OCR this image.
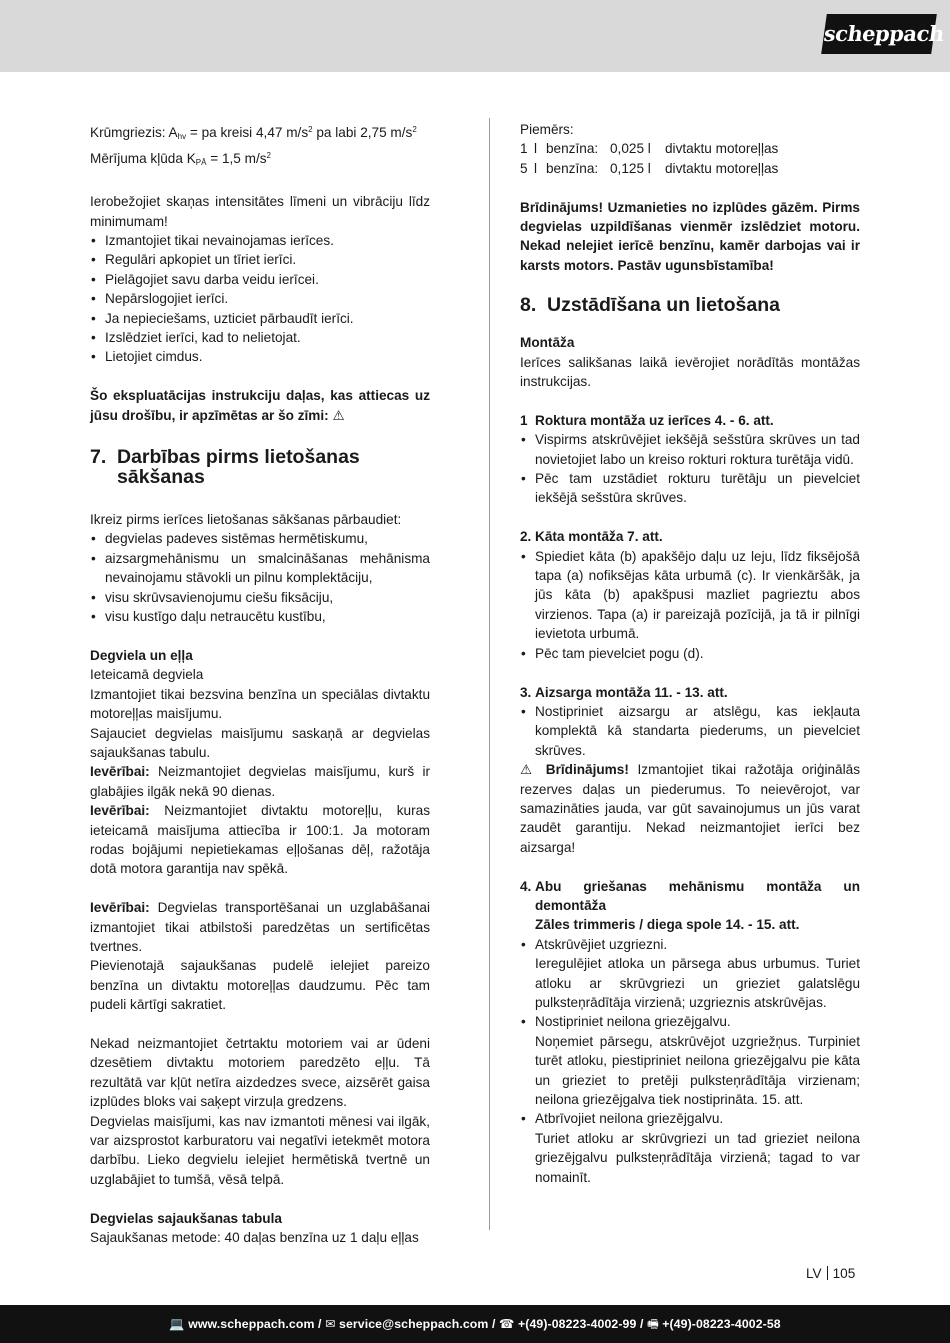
scheppach

Krūmgriezis: $A_{hv}$ = pa kreisi 4,47 $m/s^2$ pa labi 2,75 $m/s^2$

Mērījuma kļūda $K_{PĀ} = 1,5$ $m/s^2$

Ierobežojiet skaņas intensitātes līmeni un vibrāciju līdz minimumam!

• Izmantojiet tikai nevainojamas ierīces.
• Regulāri apkopiet un tīriet ierīci.
• Pielāgojiet savu darba veidu ierīcei.
• Nepārslogojiet ierīci.
• Ja nepieciešams, uzticiet pārbaudīt ierīci.
• Izslēdziet ierīci, kad to nelietojat.
• Lietojiet cimdus.

Šo ekspluatācijas instrukciju daļas, kas attiecas uz jūsu drošību, ir apzīmētas ar šo zīmi: ⚠

7. Darbības pirms lietošanas sākšanas

Ikreiz pirms ierīces lietošanas sākšanas pārbaudiet:

• degvielas padeves sistēmas hermētiskumu,
• aizsargmehānismu un smalcināšanas mehānisma nevainojamu stāvokli un pilnu komplektāciju,
• visu skrūvsavienojumu ciešu fiksāciju,
• visu kustīgo daļu netraucētu kustību,

Degviela un eļļa

Ieteicamā degviela

Izmantojiet tikai bezsvina benzīna un speciālas divtaktu motoreļļas maisījumu.

Sajauciet degvielas maisījumu saskaņā ar degvielas sajaukšanas tabulu.

Ievērībai: Neizmantojiet degvielas maisījumu, kurš ir glabājies ilgāk nekā 90 dienas.

Ievērībai: Neizmantojiet divtaktu motoreļļu, kuras ieteicamā maisījuma attiecība ir 100:1. Ja motoram rodas bojājumi nepietiekamas eļļošanas dēļ, ražotāja dotā motora garantija nav spēkā.

Ievērībai: Degvielas transportēšanai un uzglabāšanai izmantojiet tikai atbilstoši paredzētas un sertificētas tvertnes.

Pievienotajā sajaukšanas pudelē ielejiet pareizo benzīna un divtaktu motoreļļas daudzumu. Pēc tam pudeli kārtīgi sakratiet.

Nekad neizmantojiet četrtaktu motoriem vai ar ūdeni dzesētiem divtaktu motoriem paredzēto eļļu. Tā rezultātā var kļūt netīra aizdedzes svece, aizsērēt gaisa izplūdes bloks vai saķept virzuļa gredzens.

Degvielas maisījumi, kas nav izmantoti mēnesi vai ilgāk, var aizsprostot karburatoru vai negatīvi ietekmēt motora darbību. Lieko degvielu ielejiet hermētiskā tvertnē un uzglabājiet to tumšā, vēsā telpā.

Degvielas sajaukšanas tabula

Sajaukšanas metode: 40 daļas benzīna uz 1 daļu eļļas

Piemērs:

1 l benzīna: 0,025 l	divtaktu motoreļļas
5 l benzīna: 0,125 l	divtaktu motoreļļas

Brīdinājums! Uzmanieties no izplūdes gāzēm. Pirms degvielas uzpildīšanas vienmēr izslēdziet motoru. Nekad nelejiet ierīcē benzīnu, kamēr darbojas vai ir karsts motors. Pastāv ugunsbīstamība!

8. Uzstādīšana un lietošana

Montāža

Ierīces salikšanas laikā ievērojiet norādītās montāžas instrukcijas.

1 Roktura montāža uz ierīces 4. - 6. att.
• Vispirms atskrūvējiet iekšējā sešstūra skrūves un tad novietojiet labo un kreiso rokturi roktura turētāja vidū.
• Pēc tam uzstādiet rokturu turētāju un pievelciet iekšējā sešstūra skrūves.
2. Kāta montāža 7. att.
• Spiediet kāta (b) apakšējo daļu uz leju, līdz fiksējošā tapa (a) nofiksējas kāta urbumā (c). Ir vienkāršāk, ja jūs kāta (b) apakšpusi mazliet pagrieztu abos virzienos. Tapa (a) ir pareizajā pozīcijā, ja tā ir pilnīgi ievietota urbumā.
• Pēc tam pievelciet pogu (d).
3. Aizsarga montāža 11. - 13. att.
• Nostipriniet aizsargu ar atslēgu, kas iekļauta komplektā kā standarta piederums, un pievelciet skrūves.

⚠ Brīdinājums! Izmantojiet tikai ražotāja oriģinālās rezerves daļas un piederumus. To neievērojot, var samazināties jauda, var gūt savainojumus un jūs varat zaudēt garantiju. Nekad neizmantojiet ierīci bez aizsarga!

4. Abu griešanas mehānismu montāža un demontāža

Zāles trimmeris / diega spole 14. - 15. att.

• Atskrūvējiet uzgriezni.
Ieregulējiet atloka un pārsega abus urbumus. Turiet atloku ar skrūvgriezi un grieziet galatslēgu pulksteņrādītāja virzienā; uzgrieznis atskrūvējas.
• Nostipriniet neilona griezējgalvu.
Noņemiet pārsegu, atskrūvējot uzgriežņus. Turpiniet turēt atloku, piestipriniet neilona griezējgalvu pie kāta un grieziet to pretēji pulksteņrādītāja virzienam; neilona griezējgalva tiek nostiprināta. 15. att.
• Atbrīvojiet neilona griezējgalvu.
Turiet atloku ar skrūvgriezi un tad grieziet neilona griezējgalvu pulksteņrādītāja virzienā; tagad to var nomainīt.
LV 105
💻 www.scheppach.com / ✉ service@scheppach.com / ☎ +(49)-08223-4002-99 / 🖷 +(49)-08223-4002-58
